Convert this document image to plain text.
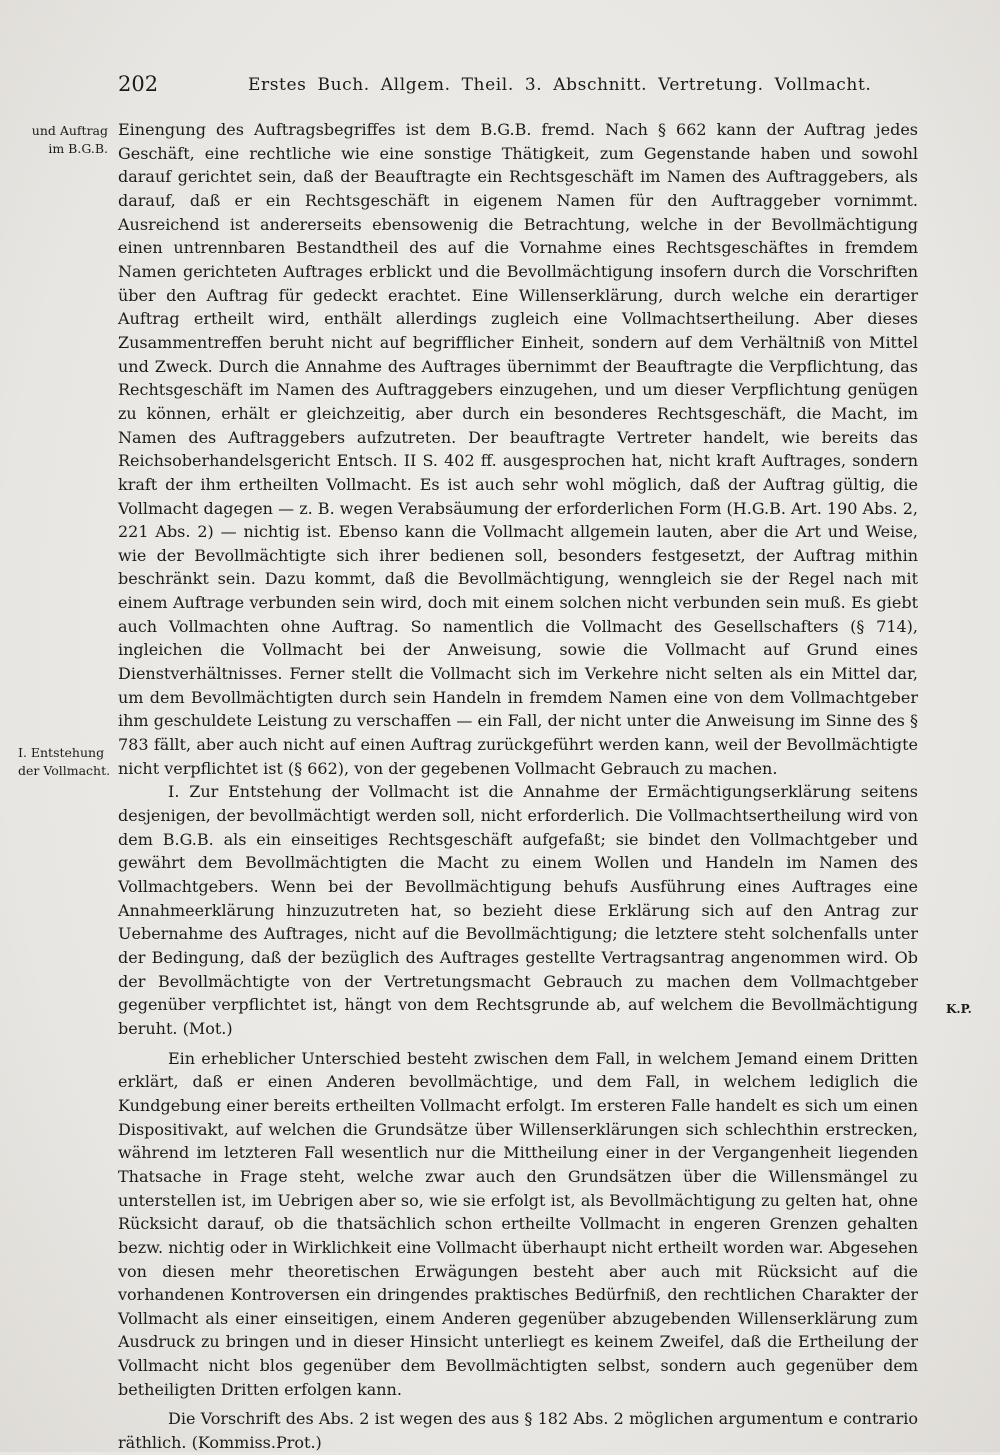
202	Erstes Buch. Allgem. Theil. 3. Abschnitt. Vertretung. Vollmacht.
und Auftrag
im B.G.B.
I. Entstehung
der Vollmacht.
K.P.

Einengung des Auftragsbegriffes ist dem B.G.B. fremd. Nach § 662 kann der Auftrag jedes Geschäft, eine rechtliche wie eine sonstige Thätigkeit, zum Gegenstande haben und sowohl darauf gerichtet sein, daß der Beauftragte ein Rechtsgeschäft im Namen des Auftraggebers, als darauf, daß er ein Rechtsgeschäft in eigenem Namen für den Auftraggeber vornimmt. Ausreichend ist andererseits ebensowenig die Betrachtung, welche in der Bevollmächtigung einen untrennbaren Bestandtheil des auf die Vornahme eines Rechtsgeschäftes in fremdem Namen gerichteten Auftrages erblickt und die Bevollmächtigung insofern durch die Vorschriften über den Auftrag für gedeckt erachtet. Eine Willenserklärung, durch welche ein derartiger Auftrag ertheilt wird, enthält allerdings zugleich eine Vollmachtsertheilung. Aber dieses Zusammentreffen beruht nicht auf begrifflicher Einheit, sondern auf dem Verhältniß von Mittel und Zweck. Durch die Annahme des Auftrages übernimmt der Beauftragte die Verpflichtung, das Rechtsgeschäft im Namen des Auftraggebers einzugehen, und um dieser Verpflichtung genügen zu können, erhält er gleichzeitig, aber durch ein besonderes Rechtsgeschäft, die Macht, im Namen des Auftraggebers aufzutreten. Der beauftragte Vertreter handelt, wie bereits das Reichsoberhandelsgericht Entsch. II S. 402 ff. ausgesprochen hat, nicht kraft Auftrages, sondern kraft der ihm ertheilten Vollmacht. Es ist auch sehr wohl möglich, daß der Auftrag gültig, die Vollmacht dagegen — z. B. wegen Verabsäumung der erforderlichen Form (H.G.B. Art. 190 Abs. 2, 221 Abs. 2) — nichtig ist. Ebenso kann die Vollmacht allgemein lauten, aber die Art und Weise, wie der Bevollmächtigte sich ihrer bedienen soll, besonders festgesetzt, der Auftrag mithin beschränkt sein. Dazu kommt, daß die Bevollmächtigung, wenngleich sie der Regel nach mit einem Auftrage verbunden sein wird, doch mit einem solchen nicht verbunden sein muß. Es giebt auch Vollmachten ohne Auftrag. So namentlich die Vollmacht des Gesellschafters (§ 714), ingleichen die Vollmacht bei der Anweisung, sowie die Vollmacht auf Grund eines Dienstverhältnisses. Ferner stellt die Vollmacht sich im Verkehre nicht selten als ein Mittel dar, um dem Bevollmächtigten durch sein Handeln in fremdem Namen eine von dem Vollmachtgeber ihm geschuldete Leistung zu verschaffen — ein Fall, der nicht unter die Anweisung im Sinne des § 783 fällt, aber auch nicht auf einen Auftrag zurückgeführt werden kann, weil der Bevollmächtigte nicht verpflichtet ist (§ 662), von der gegebenen Vollmacht Gebrauch zu machen.

I. Zur Entstehung der Vollmacht ist die Annahme der Ermächtigungserklärung seitens desjenigen, der bevollmächtigt werden soll, nicht erforderlich. Die Vollmachtsertheilung wird von dem B.G.B. als ein einseitiges Rechtsgeschäft aufgefaßt; sie bindet den Vollmachtgeber und gewährt dem Bevollmächtigten die Macht zu einem Wollen und Handeln im Namen des Vollmachtgebers. Wenn bei der Bevollmächtigung behufs Ausführung eines Auftrages eine Annahmeerklärung hinzuzutreten hat, so bezieht diese Erklärung sich auf den Antrag zur Uebernahme des Auftrages, nicht auf die Bevollmächtigung; die letztere steht solchenfalls unter der Bedingung, daß der bezüglich des Auftrages gestellte Vertragsantrag angenommen wird. Ob der Bevollmächtigte von der Vertretungsmacht Gebrauch zu machen dem Vollmachtgeber gegenüber verpflichtet ist, hängt von dem Rechtsgrunde ab, auf welchem die Bevollmächtigung beruht. (Mot.)

Ein erheblicher Unterschied besteht zwischen dem Fall, in welchem Jemand einem Dritten erklärt, daß er einen Anderen bevollmächtige, und dem Fall, in welchem lediglich die Kundgebung einer bereits ertheilten Vollmacht erfolgt. Im ersteren Falle handelt es sich um einen Dispositivakt, auf welchen die Grundsätze über Willenserklärungen sich schlechthin erstrecken, während im letzteren Fall wesentlich nur die Mittheilung einer in der Vergangenheit liegenden Thatsache in Frage steht, welche zwar auch den Grundsätzen über die Willensmängel zu unterstellen ist, im Uebrigen aber so, wie sie erfolgt ist, als Bevollmächtigung zu gelten hat, ohne Rücksicht darauf, ob die thatsächlich schon ertheilte Vollmacht in engeren Grenzen gehalten bezw. nichtig oder in Wirklichkeit eine Vollmacht überhaupt nicht ertheilt worden war. Abgesehen von diesen mehr theoretischen Erwägungen besteht aber auch mit Rücksicht auf die vorhandenen Kontroversen ein dringendes praktisches Bedürfniß, den rechtlichen Charakter der Vollmacht als einer einseitigen, einem Anderen gegenüber abzugebenden Willenserklärung zum Ausdruck zu bringen und in dieser Hinsicht unterliegt es keinem Zweifel, daß die Ertheilung der Vollmacht nicht blos gegenüber dem Bevollmächtigten selbst, sondern auch gegenüber dem betheiligten Dritten erfolgen kann.

Die Vorschrift des Abs. 2 ist wegen des aus § 182 Abs. 2 möglichen argumentum e contrario räthlich. (Kommiss.Prot.)
